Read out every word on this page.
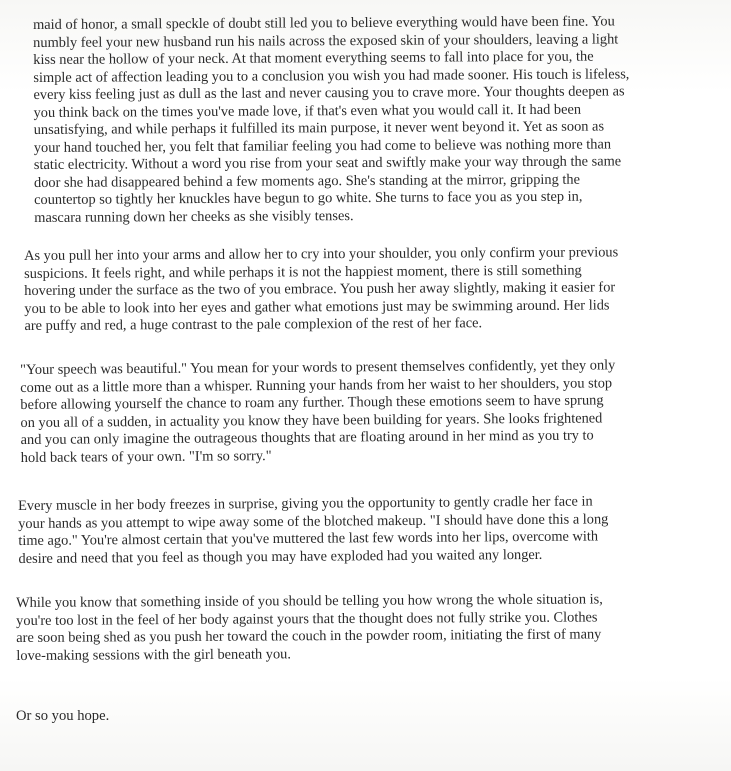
maid of honor, a small speckle of doubt still led you to believe everything would have been fine. You
numbly feel your new husband run his nails across the exposed skin of your shoulders, leaving a light
kiss near the hollow of your neck. At that moment everything seems to fall into place for you, the
simple act of affection leading you to a conclusion you wish you had made sooner. His touch is lifeless,
every kiss feeling just as dull as the last and never causing you to crave more. Your thoughts deepen as
you think back on the times you've made love, if that's even what you would call it. It had been
unsatisfying, and while perhaps it fulfilled its main purpose, it never went beyond it. Yet as soon as
your hand touched her, you felt that familiar feeling you had come to believe was nothing more than
static electricity. Without a word you rise from your seat and swiftly make your way through the same
door she had disappeared behind a few moments ago. She's standing at the mirror, gripping the
countertop so tightly her knuckles have begun to go white. She turns to face you as you step in,
mascara running down her cheeks as she visibly tenses.

As you pull her into your arms and allow her to cry into your shoulder, you only confirm your previous
suspicions. It feels right, and while perhaps it is not the happiest moment, there is still something
hovering under the surface as the two of you embrace. You push her away slightly, making it easier for
you to be able to look into her eyes and gather what emotions just may be swimming around. Her lids
are puffy and red, a huge contrast to the pale complexion of the rest of her face.

"Your speech was beautiful." You mean for your words to present themselves confidently, yet they only
come out as a little more than a whisper. Running your hands from her waist to her shoulders, you stop
before allowing yourself the chance to roam any further. Though these emotions seem to have sprung
on you all of a sudden, in actuality you know they have been building for years. She looks frightened
and you can only imagine the outrageous thoughts that are floating around in her mind as you try to
hold back tears of your own. "I'm so sorry."

Every muscle in her body freezes in surprise, giving you the opportunity to gently cradle her face in
your hands as you attempt to wipe away some of the blotched makeup. "I should have done this a long
time ago." You're almost certain that you've muttered the last few words into her lips, overcome with
desire and need that you feel as though you may have exploded had you waited any longer.

While you know that something inside of you should be telling you how wrong the whole situation is,
you're too lost in the feel of her body against yours that the thought does not fully strike you. Clothes
are soon being shed as you push her toward the couch in the powder room, initiating the first of many
love-making sessions with the girl beneath you.

Or so you hope.
